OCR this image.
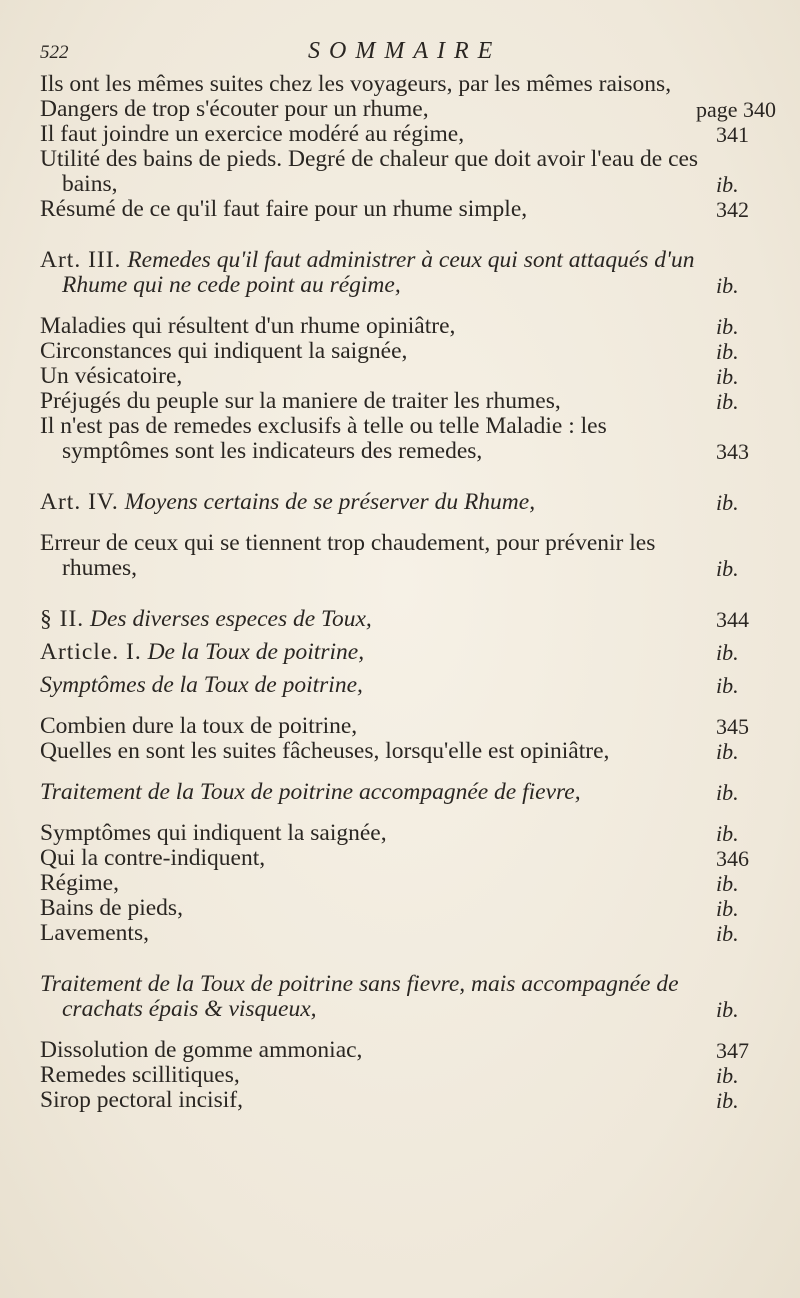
522	SOMMAIRE
Ils ont les mêmes suites chez les voyageurs, par les mêmes raisons,
Dangers de trop s'écouter pour un rhume,	page 340
Il faut joindre un exercice modéré au régime,	341
Utilité des bains de pieds. Degré de chaleur que doit avoir l'eau de ces bains,	ib.
Résumé de ce qu'il faut faire pour un rhume simple,	342
Art. III. Remedes qu'il faut administrer à ceux qui sont attaqués d'un Rhume qui ne cede point au régime,	ib.
Maladies qui résultent d'un rhume opiniâtre,	ib.
Circonstances qui indiquent la saignée,	ib.
Un vésicatoire,	ib.
Préjugés du peuple sur la maniere de traiter les rhumes,	ib.
Il n'est pas de remedes exclusifs à telle ou telle Maladie : les symptômes sont les indicateurs des remedes,	343
Art. IV. Moyens certains de se préserver du Rhume,	ib.
Erreur de ceux qui se tiennent trop chaudement, pour prévenir les rhumes,	ib.
§ II. Des diverses especes de Toux,	344
Article. I. De la Toux de poitrine,	ib.
Symptômes de la Toux de poitrine,	ib.
Combien dure la toux de poitrine,	345
Quelles en sont les suites fâcheuses, lorsqu'elle est opiniâtre,	ib.
Traitement de la Toux de poitrine accompagnée de fievre,	ib.
Symptômes qui indiquent la saignée,	ib.
Qui la contre-indiquent,	346
Régime,	ib.
Bains de pieds,	ib.
Lavements,	ib.
Traitement de la Toux de poitrine sans fievre, mais accompagnée de crachats épais & visqueux,	ib.
Dissolution de gomme ammoniac,	347
Remedes scillitiques,	ib.
Sirop pectoral incisif,	ib.
